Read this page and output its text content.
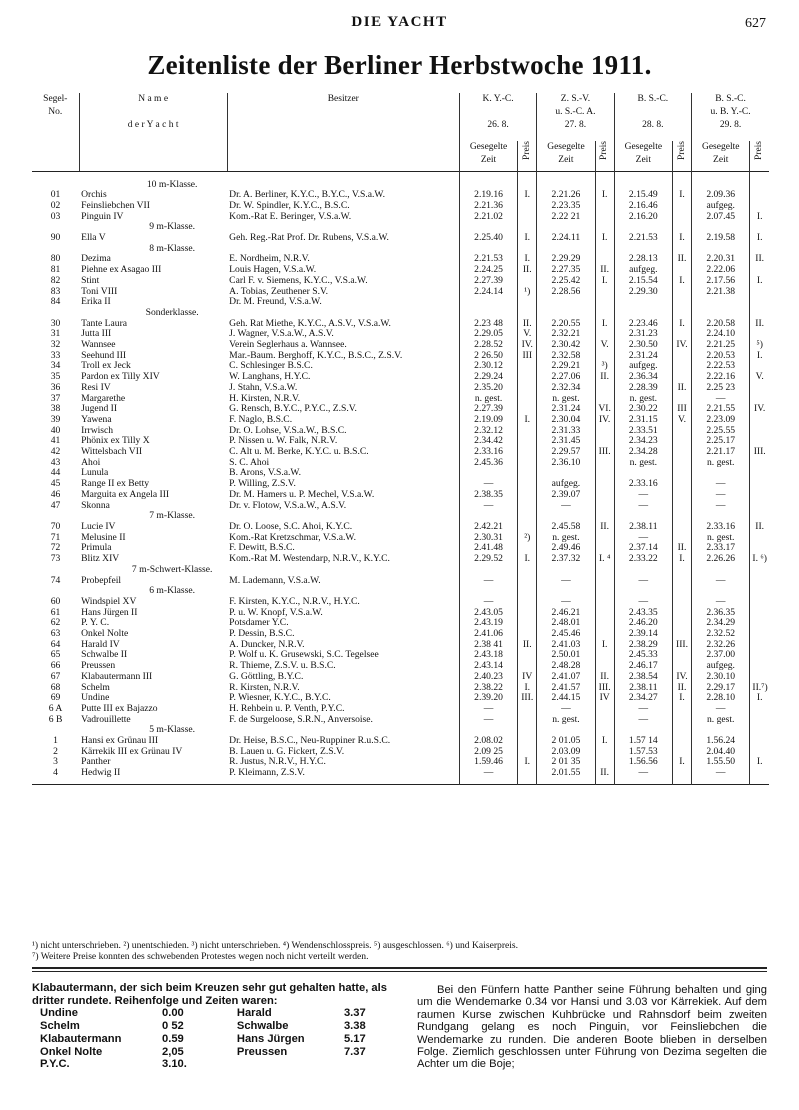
DIE YACHT	627
Zeitenliste der Berliner Herbstwoche 1911.
Segel-
No.	N a m e

d e r Y a c h t	Besitzer	K. Y.-C.

26. 8.		Z. S.-V.
u. S.-C. A.
27. 8.		B. S.-C.

28. 8.		B. S.-C.
u. B. Y.-C.
29. 8.	
			Gesegelte
Zeit	Preis	Gesegelte
Zeit	Preis	Gesegelte
Zeit	Preis	Gesegelte
Zeit	Preis

	10 m-Klasse.									
01	Orchis	Dr. A. Berliner, K.Y.C., B.Y.C., V.S.a.W.	2.19.16	I.	2.21.26	I.	2.15.49	I.	2.09.36	
02	Feinsliebchen VII	Dr. W. Spindler, K.Y.C., B.S.C.	2.21.36		2.23.35		2.16.46		aufgeg.	
03	Pinguin IV	Kom.-Rat E. Beringer, V.S.a.W.	2.21.02		2.22 21		2.16.20		2.07.45	I.
	9 m-Klasse.									
90	Ella V	Geh. Reg.-Rat Prof. Dr. Rubens, V.S.a.W.	2.25.40	I.	2.24.11	I.	2.21.53	I.	2.19.58	I.
	8 m-Klasse.									
80	Dezima	E. Nordheim, N.R.V.	2.21.53	I.	2.29.29		2.28.13	II.	2.20.31	II.
81	Piehne ex Asagao III	Louis Hagen, V.S.a.W.	2.24.25	II.	2.27.35	II.	aufgeg.		2.22.06	
82	Stint	Carl F. v. Siemens, K.Y.C., V.S.a.W.	2.27.39		2.25.42	I.	2.15.54	I.	2.17.56	I.
83	Toni VIII	A. Tobias, Zeuthener S.V.	2.24.14	¹)	2.28.56		2.29.30		2.21.38	
84	Erika II	Dr. M. Freund, V.S.a.W.								
	Sonderklasse.									
30	Tante Laura	Geh. Rat Miethe, K.Y.C., A.S.V., V.S.a.W.	2.23 48	II.	2.20.55	I.	2.23.46	I.	2.20.58	II.
31	Jutta III	J. Wagner, V.S.a.W., A.S.V.	2.29.05	V.	2.32.21		2.31.23		2.24.10	
32	Wannsee	Verein Seglerhaus a. Wannsee.	2.28.52	IV.	2.30.42	V.	2.30.50	IV.	2.21.25	⁵)
33	Seehund III	Mar.-Baum. Berghoff, K.Y.C., B.S.C., Z.S.V.	2 26.50	III	2.32.58		2.31.24		2.20.53	I.
34	Troll ex Jeck	C. Schlesinger B.S.C.	2.30.12		2.29.21	³)	aufgeg.		2.22.53	
35	Pardon ex Tilly XIV	W. Langhans, H.Y.C.	2.29.24		2.27.06	II.	2.36.34		2.22.16	V.
36	Resi IV	J. Stahn, V.S.a.W.	2.35.20		2.32.34		2.28.39	II.	2.25 23	
37	Margarethe	H. Kirsten, N.R.V.	n. gest.		n. gest.		n. gest.		—	
38	Jugend II	G. Rensch, B.Y.C., P.Y.C., Z.S.V.	2.27.39		2.31.24	VI.	2.30.22	III	2.21.55	IV.
39	Yawena	F. Naglo, B.S.C.	2.19.09	I.	2.30.04	IV.	2.31.15	V.	2.23.09	
40	Irrwisch	Dr. O. Lohse, V.S.a.W., B.S.C.	2.32.12		2.31.33		2.33.51		2.25.55	
41	Phönix ex Tilly X	P. Nissen u. W. Falk, N.R.V.	2.34.42		2.31.45		2.34.23		2.25.17	
42	Wittelsbach VII	C. Alt u. M. Berke, K.Y.C. u. B.S.C.	2.33.16		2.29.57	III.	2.34.28		2.21.17	III.
43	Ahoi	S. C. Ahoi	2.45.36		2.36.10		n. gest.		n. gest.	
44	Lunula	B. Arons, V.S.a.W.								
45	Range II ex Betty	P. Willing, Z.S.V.	—		aufgeg.		2.33.16		—	
46	Marguita ex Angela III	Dr. M. Hamers u. P. Mechel, V.S.a.W.	2.38.35		2.39.07		—		—	
47	Skonna	Dr. v. Flotow, V.S.a.W., A.S.V.	—		—		—		—	
	7 m-Klasse.									
70	Lucie IV	Dr. O. Loose, S.C. Ahoi, K.Y.C.	2.42.21		2.45.58	II.	2.38.11		2.33.16	II.
71	Melusine II	Kom.-Rat Kretzschmar, V.S.a.W.	2.30.31	²)	n. gest.		—		n. gest.	
72	Primula	F. Dewitt, B.S.C.	2.41.48		2.49.46		2.37.14	II.	2.33.17	
73	Blitz XIV	Kom.-Rat M. Westendarp, N.R.V., K.Y.C.	2.29.52	I.	2.37.32	I. ⁴	2.33.22	I.	2.26.26	I. ⁶)
	7 m-Schwert-Klasse.									
74	Probepfeil	M. Lademann, V.S.a.W.	—		—		—		—	
	6 m-Klasse.									
60	Windspiel XV	F. Kirsten, K.Y.C., N.R.V., H.Y.C.	—		—		—		—	
61	Hans Jürgen II	P. u. W. Knopf, V.S.a.W.	2.43.05		2.46.21		2.43.35		2.36.35	
62	P. Y. C.	Potsdamer Y.C.	2.43.19		2.48.01		2.46.20		2.34.29	
63	Onkel Nolte	P. Dessin, B.S.C.	2.41.06		2.45.46		2.39.14		2.32.52	
64	Harald IV	A. Duncker, N.R.V.	2.38 41	II.	2.41.03	I.	2.38.29	III.	2.32.26	
65	Schwalbe II	P. Wolf u. K. Grusewski, S.C. Tegelsee	2.43.18		2.50.01		2.45.33		2.37.00	
66	Preussen	R. Thieme, Z.S.V. u. B.S.C.	2.43.14		2.48.28		2.46.17		aufgeg.	
67	Klabautermann III	G. Göttling, B.Y.C.	2.40.23	IV	2.41.07	II.	2.38.54	IV.	2.30.10	
68	Schelm	R. Kirsten, N.R.V.	2.38.22	I.	2.41.57	III.	2.38.11	II.	2.29.17	II.⁷)
69	Undine	P. Wiesner, K.Y.C., B.Y.C.	2.39.20	III.	2.44.15	IV	2.34.27	I.	2.28.10	I.
6 A	Putte III ex Bajazzo	H. Rehbein u. P. Venth, P.Y.C.	—		—		—		—	
6 B	Vadrouillette	F. de Surgeloose, S.R.N., Anversoise.	—		n. gest.		—		n. gest.	
	5 m-Klasse.									
1	Hansi ex Grünau III	Dr. Heise, B.S.C., Neu-Ruppiner R.u.S.C.	2.08.02		2 01.05	I.	1.57 14		1.56.24	
2	Kärrekik III ex Grünau IV	B. Lauen u. G. Fickert, Z.S.V.	2.09 25		2.03.09		1.57.53		2.04.40	
3	Panther	R. Justus, N.R.V., H.Y.C.	1.59.46	I.	2 01 35		1.56.56	I.	1.55.50	I.
4	Hedwig II	P. Kleimann, Z.S.V.	—		2.01.55	II.	—		—	

¹) nicht unterschrieben. ²) unentschieden. ³) nicht unterschrieben. ⁴) Wendenschlosspreis. ⁵) ausgeschlossen. ⁶) und Kaiserpreis.
⁷) Weitere Preise konnten des schwebenden Protestes wegen noch nicht verteilt werden.
Klabautermann, der sich beim Kreuzen sehr gut gehalten hatte, als dritter rundete. Reihenfolge und Zeiten waren:
Undine	0.00	Harald	3.37
Schelm	0 52	Schwalbe	3.38
Klabautermann	0.59	Hans Jürgen	5.17
Onkel Nolte	2,05	Preussen	7.37
P.Y.C.	3.10.		

Bei den Fünfern hatte Panther seine Führung behalten und ging um die Wendemarke 0.34 vor Hansi und 3.03 vor Kärrekiek. Auf dem raumen Kurse zwischen Kuhbrücke und Rahnsdorf beim zweiten Rundgang gelang es noch Pinguin, vor Feinsliebchen die Wendemarke zu runden. Die anderen Boote blieben in derselben Folge. Ziemlich geschlossen unter Führung von Dezima segelten die Achter um die Boje;
